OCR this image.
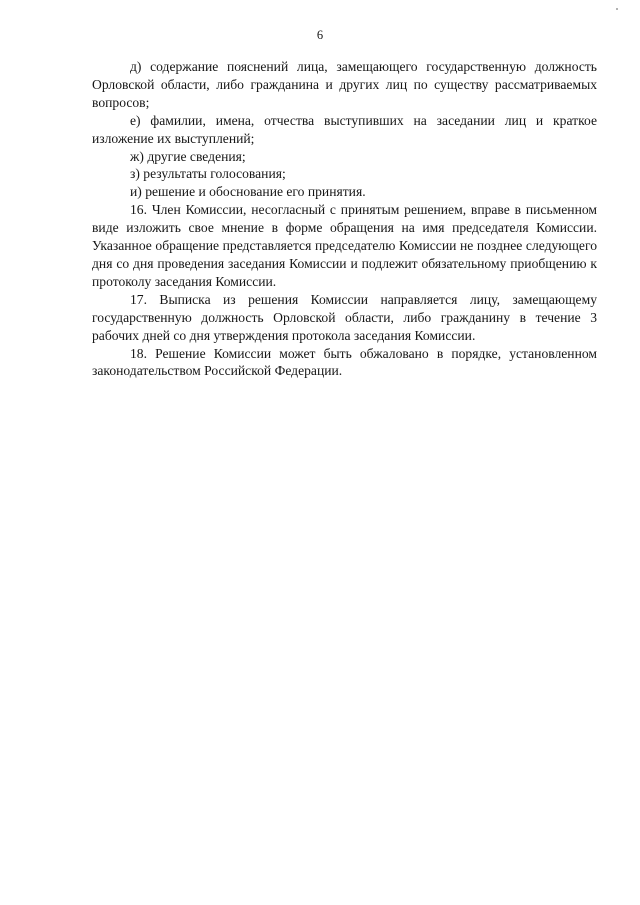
6

д) содержание пояснений лица, замещающего государственную должность Орловской области, либо гражданина и других лиц по существу рассматриваемых вопросов;

е) фамилии, имена, отчества выступивших на заседании лиц и краткое изложение их выступлений;

ж) другие сведения;

з) результаты голосования;

и) решение и обоснование его принятия.

16. Член Комиссии, несогласный с принятым решением, вправе в письменном виде изложить свое мнение в форме обращения на имя председателя Комиссии. Указанное обращение представляется председателю Комиссии не позднее следующего дня со дня проведения заседания Комиссии и подлежит обязательному приобщению к протоколу заседания Комиссии.

17. Выписка из решения Комиссии направляется лицу, замещающему государственную должность Орловской области, либо гражданину в течение 3 рабочих дней со дня утверждения протокола заседания Комиссии.

18. Решение Комиссии может быть обжаловано в порядке, установленном законодательством Российской Федерации.
